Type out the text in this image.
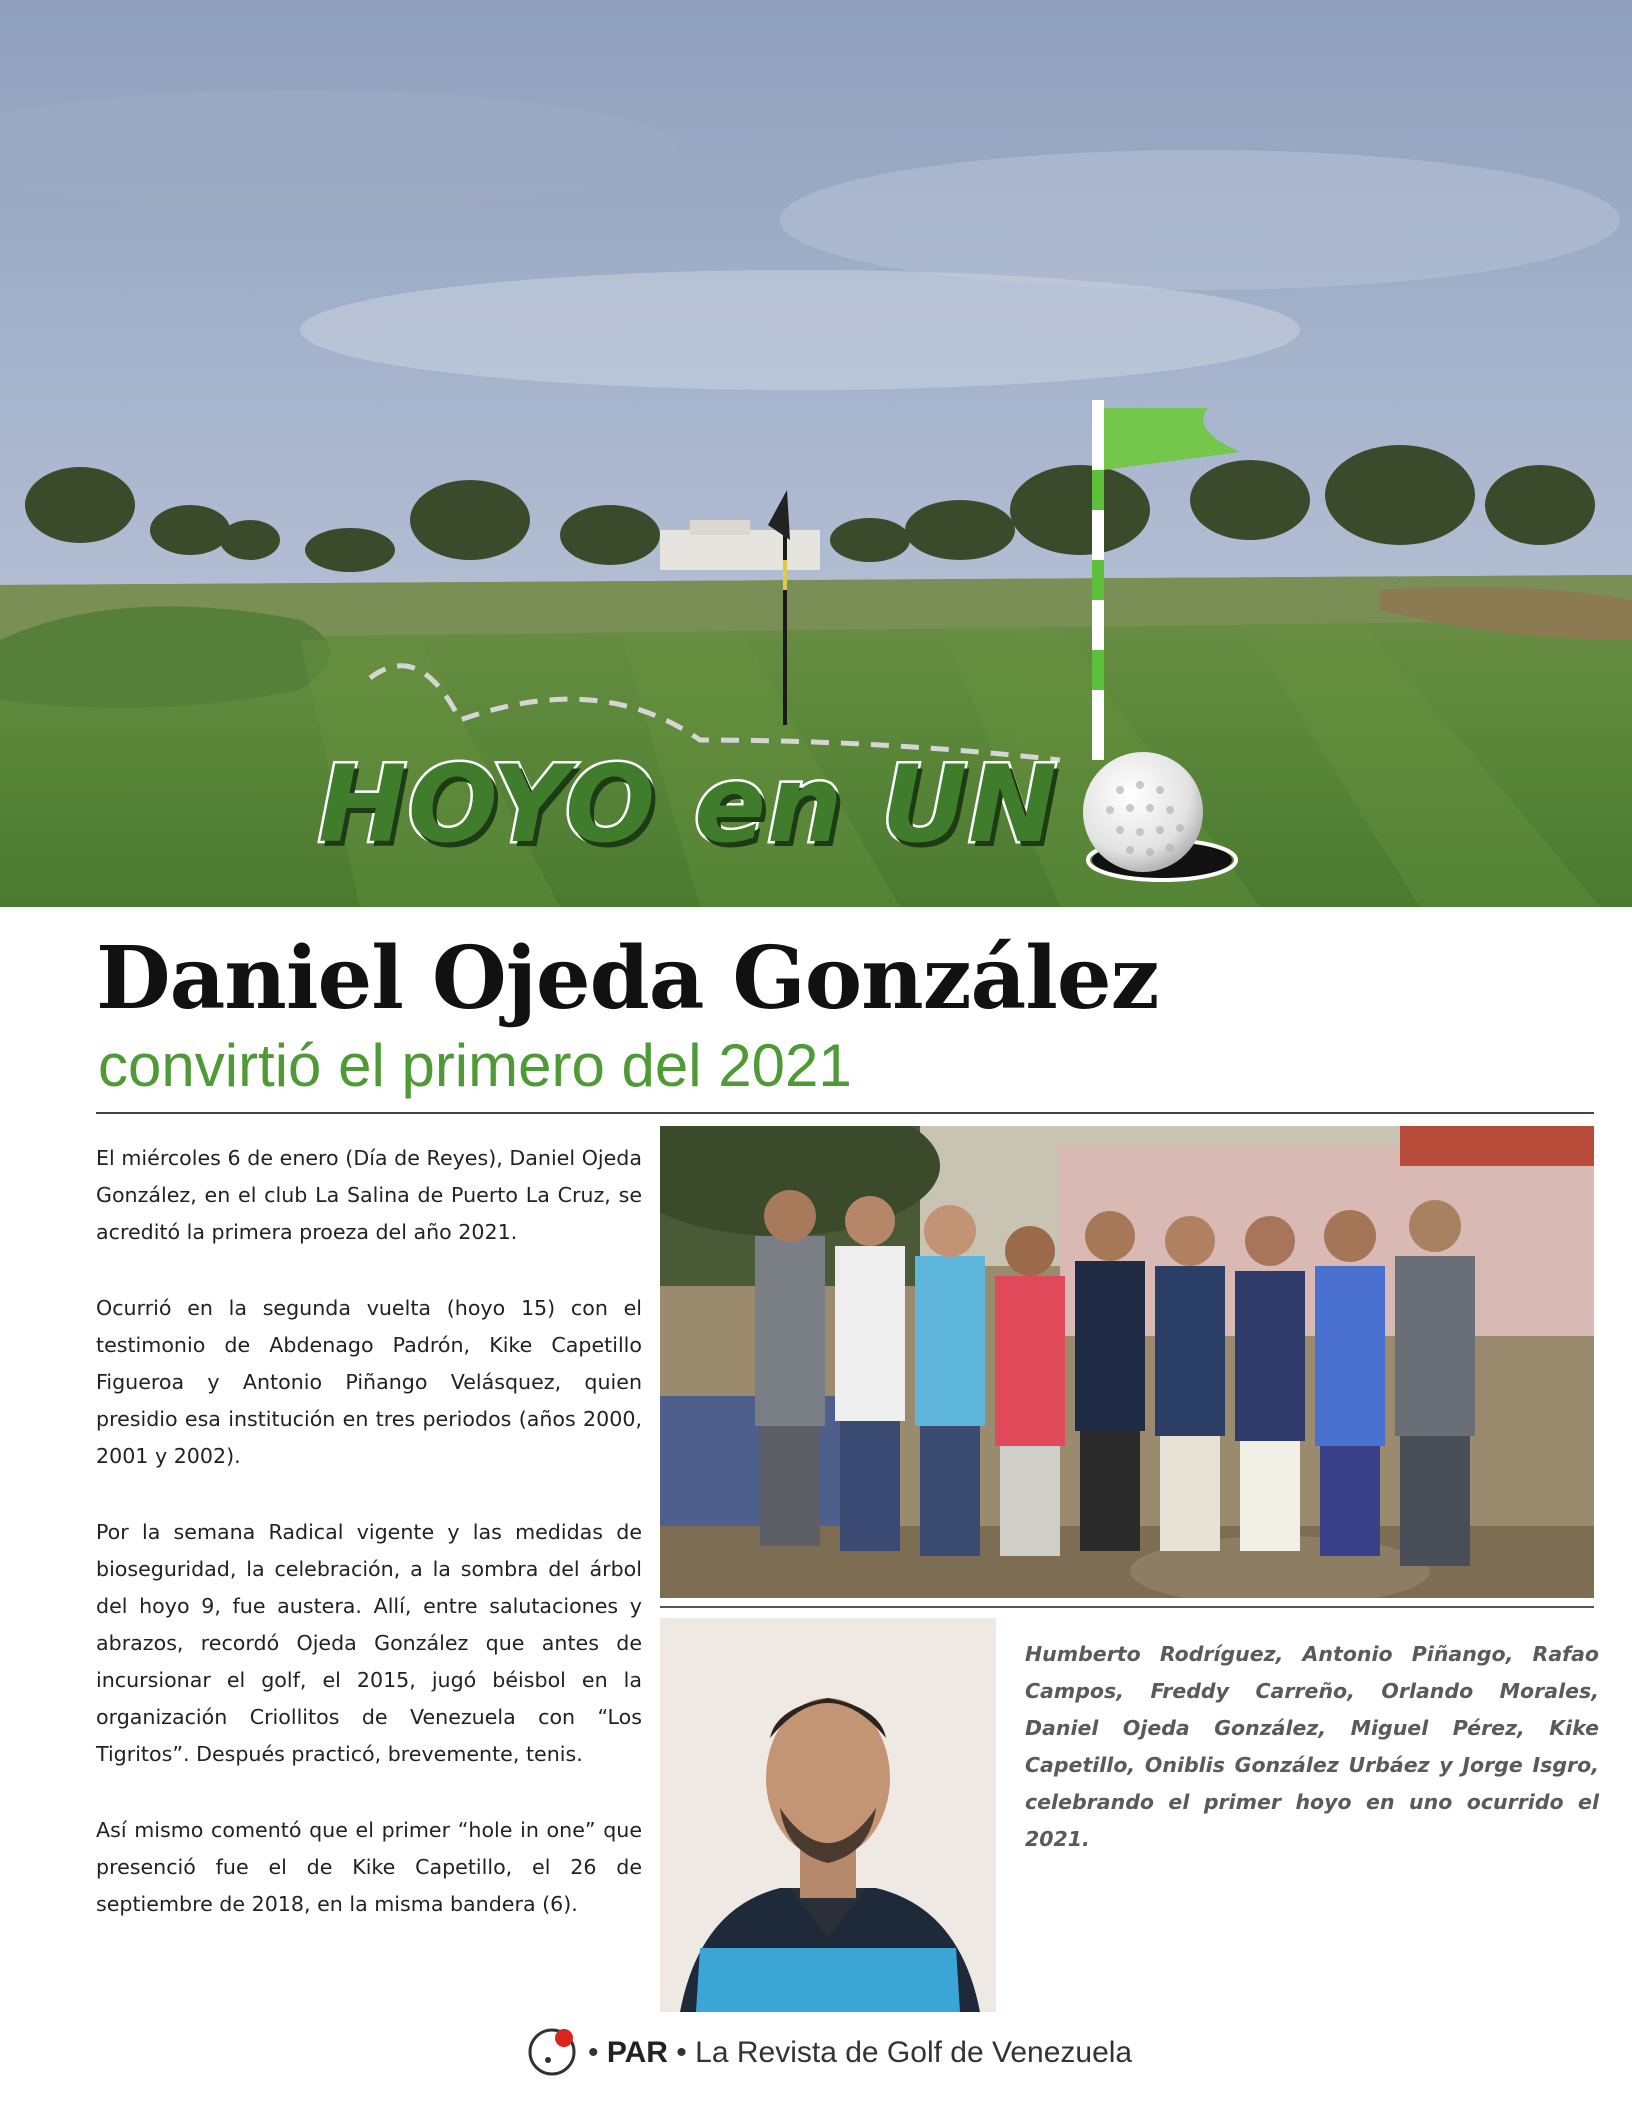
HOYO en UN
Daniel Ojeda González
convirtió el primero del 2021

El miércoles 6 de enero (Día de Reyes), Daniel Ojeda González, en el club La Salina de Puerto La Cruz, se acreditó la primera proeza del año 2021.

Ocurrió en la segunda vuelta (hoyo 15) con el testimonio de Abdenago Padrón, Kike Capetillo Figueroa y Antonio Piñango Velásquez, quien presidio esa institución en tres periodos (años 2000, 2001 y 2002).

Por la semana Radical vigente y las medidas de bioseguridad, la celebración, a la sombra del árbol del hoyo 9, fue austera. Allí, entre salutaciones y abrazos, recordó Ojeda González que antes de incursionar el golf, el 2015, jugó béisbol en la organización Criollitos de Venezuela con “Los Tigritos”. Después practicó, brevemente, tenis.

Así mismo comentó que el primer “hole in one” que presenció fue el de Kike Capetillo, el 26 de septiembre de 2018, en la misma bandera (6).

Humberto Rodríguez, Antonio Piñango, Rafao Campos, Freddy Carreño, Orlando Morales, Daniel Ojeda González, Miguel Pérez, Kike Capetillo, Oniblis González Urbáez y Jorge Isgro, celebrando el primer hoyo en uno ocurrido el 2021.
• PAR • La Revista de Golf de Venezuela
